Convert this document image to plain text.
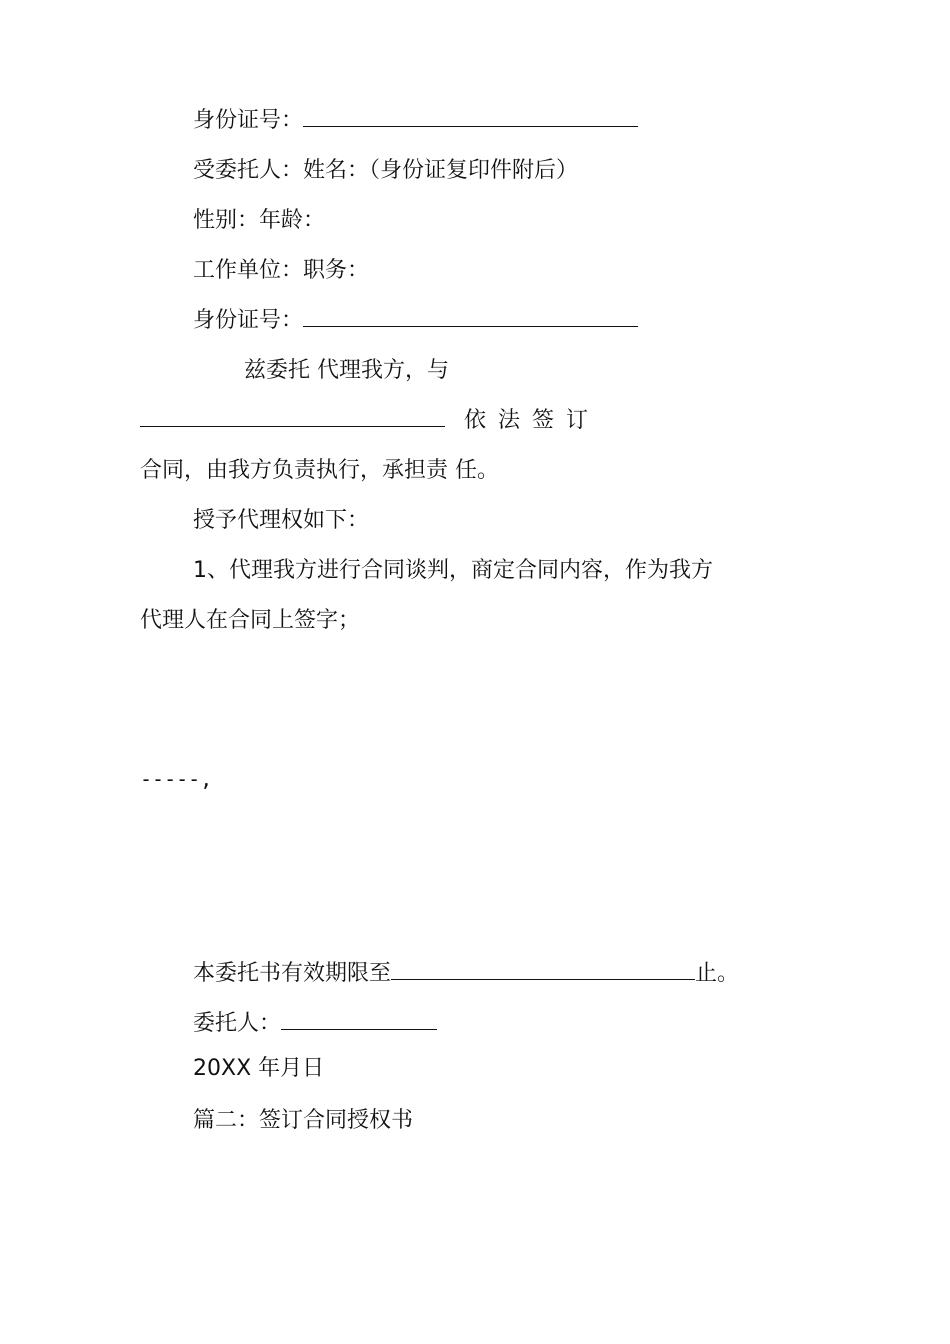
身份证号：
受委托人：姓名：（身份证复印件附后）
性别：年龄：
工作单位：职务：
身份证号：
兹委托 代理我方，与
依法签订
合同，由我方负责执行，承担责 任。
授予代理权如下：
1、代理我方进行合同谈判，商定合同内容，作为我方
代理人在合同上签字；
-----,
本委托书有效期限至	止。
委托人：
20XX 年月日
篇二：签订合同授权书
